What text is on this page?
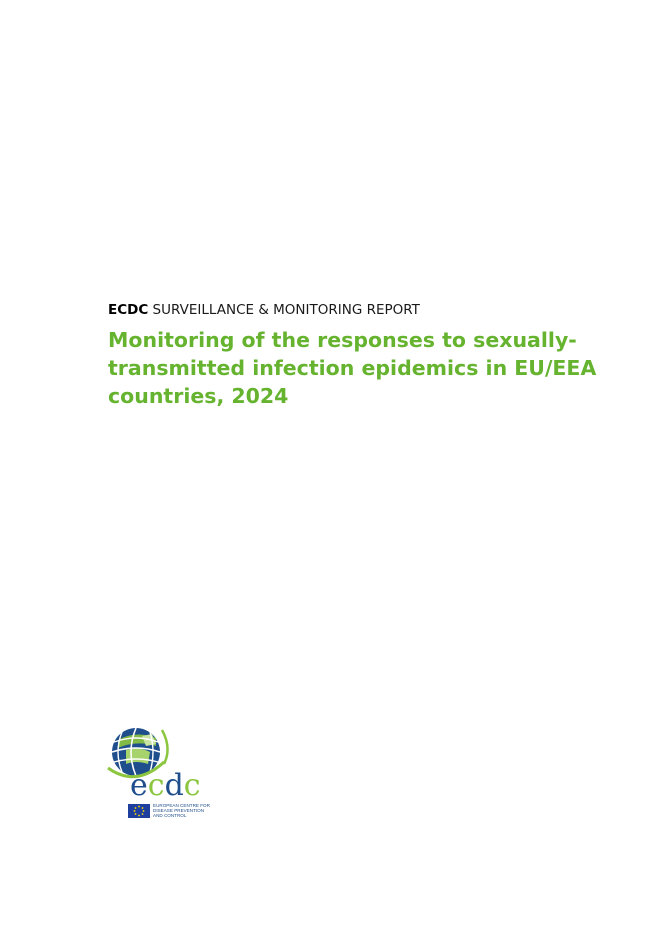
ECDC SURVEILLANCE & MONITORING REPORT
Monitoring of the responses to sexually-
transmitted infection epidemics in EU/EEA
countries, 2024
ecdc
EUROPEAN CENTRE FOR
DISEASE PREVENTION
AND CONTROL
